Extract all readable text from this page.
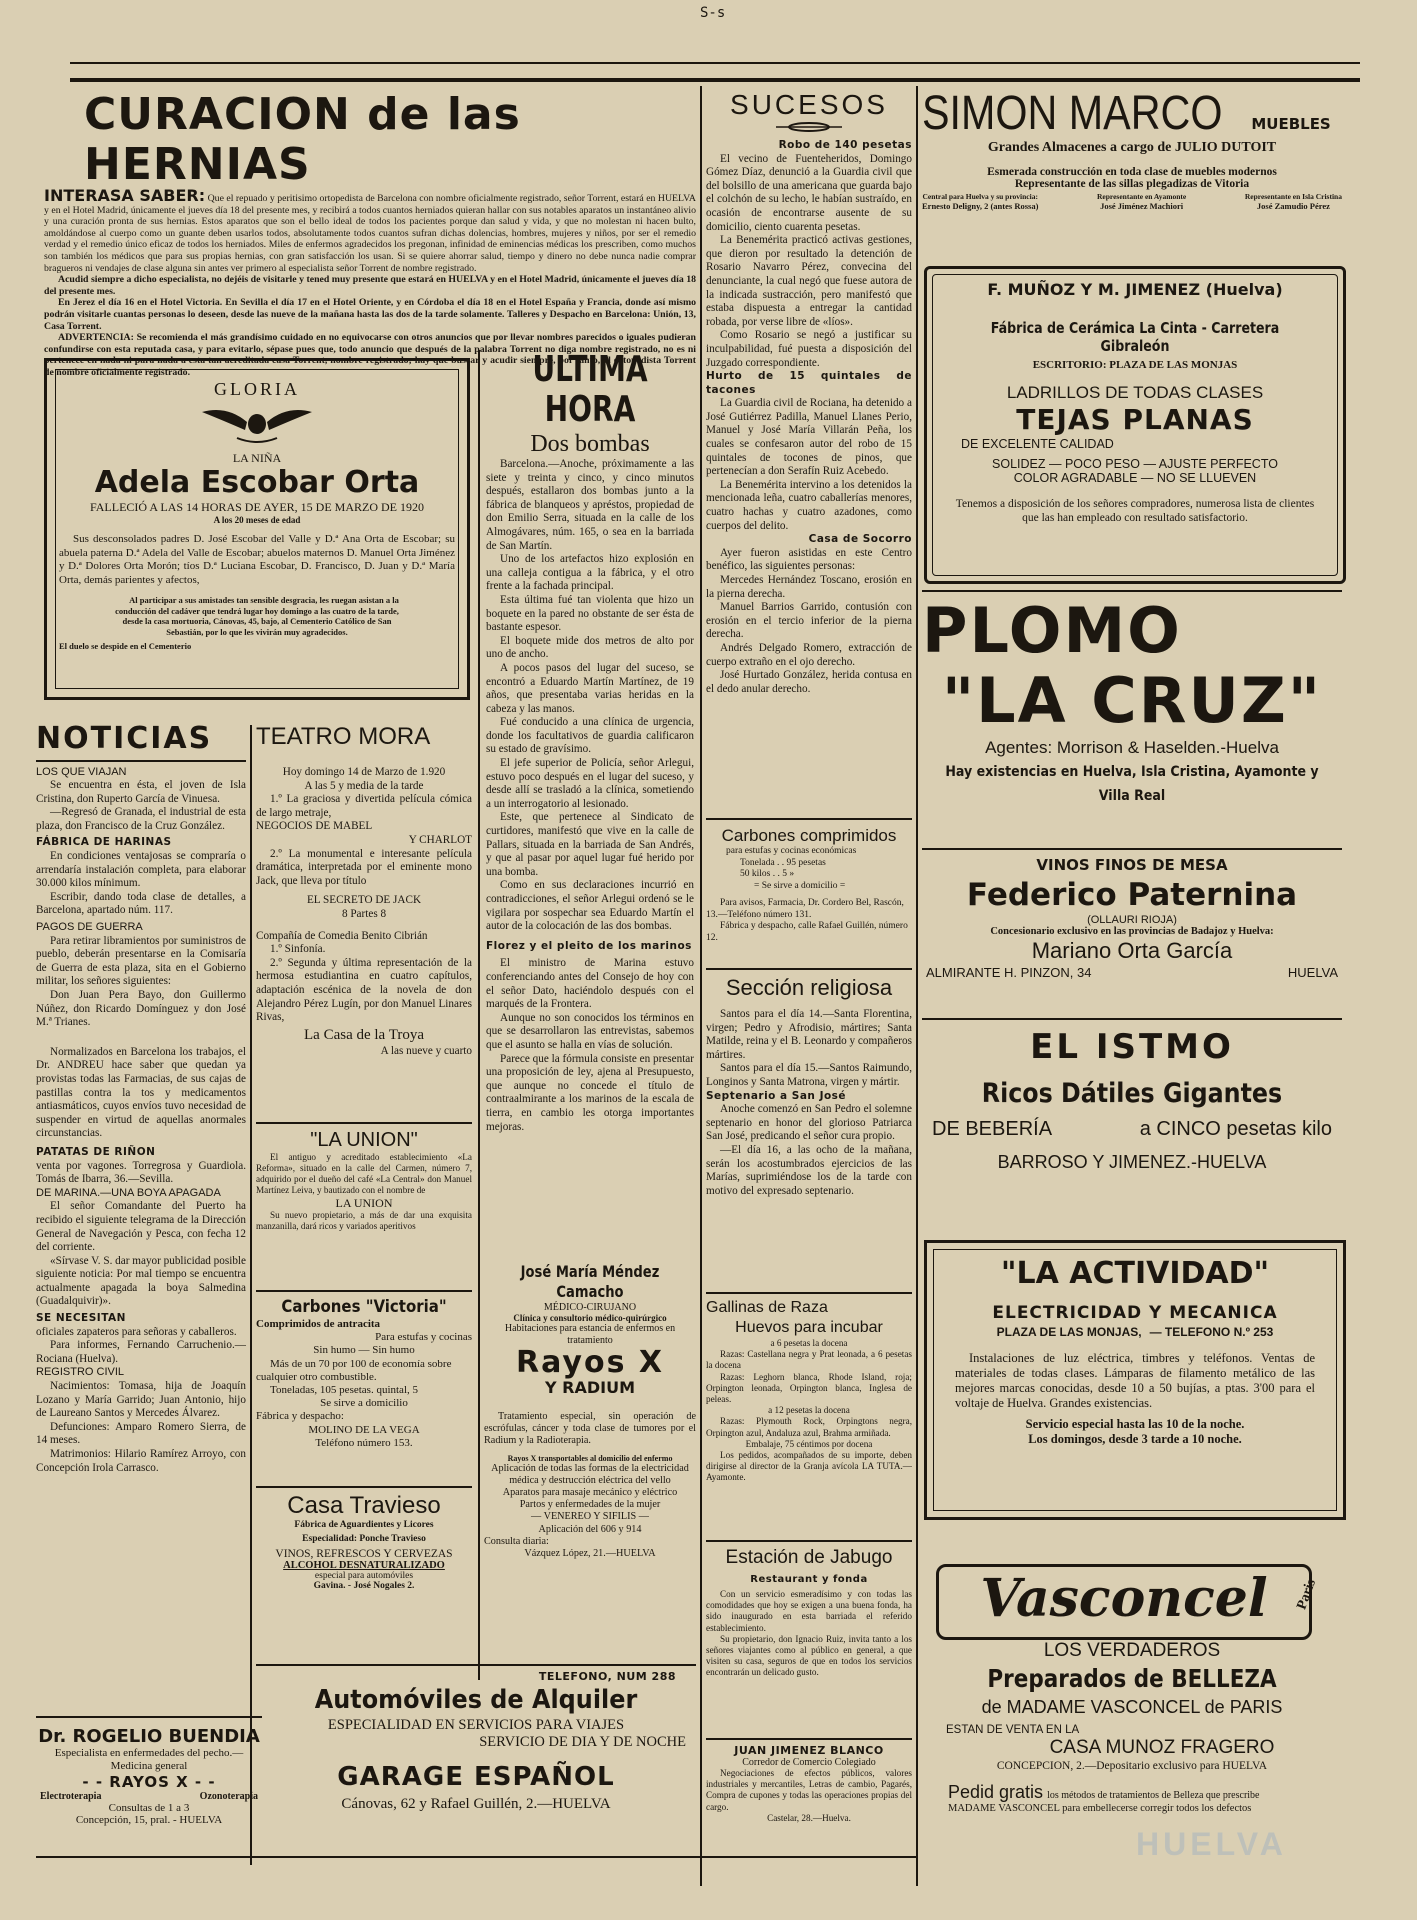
Ѕ-ѕ
CURACION de las HERNIAS

INTERASA SABER: Que el repuado y peritisimo ortopedista de Barcelona con nombre oficialmente registrado, señor Torrent, estará en HUELVA y en el Hotel Madrid, únicamente el jueves día 18 del presente mes, y recibirá a todos cuantos herniados quieran hallar con sus notables aparatos un instantáneo alivio y una curación pronta de sus hernias. Estos aparatos que son el bello ideal de todos los pacientes porque dan salud y vida, y que no molestan ni hacen bulto, amoldándose al cuerpo como un guante deben usarlos todos, absolutamente todos cuantos sufran dichas dolencias, hombres, mujeres y niños, por ser el remedio verdad y el remedio único eficaz de todos los herniados. Miles de enfermos agradecidos los pregonan, infinidad de eminencias médicas los prescriben, como muchos son también los médicos que para sus propias hernias, con gran satisfacción los usan. Si se quiere ahorrar salud, tiempo y dinero no debe nunca nadie comprar bragueros ni vendajes de clase alguna sin antes ver primero al especialista señor Torrent de nombre registrado.

Acudid siempre a dicho especialista, no dejéis de visitarle y tened muy presente que estará en HUELVA y en el Hotel Madrid, únicamente el jueves día 18 del presente mes.

En Jerez el día 16 en el Hotel Victoria. En Sevilla el día 17 en el Hotel Oriente, y en Córdoba el día 18 en el Hotel España y Francia, donde así mismo podrán visitarle cuantas personas lo deseen, desde las nueve de la mañana hasta las dos de la tarde solamente. Talleres y Despacho en Barcelona: Unión, 13, Casa Torrent.

ADVERTENCIA: Se recomienda el más grandísimo cuidado en no equivocarse con otros anuncios que por llevar nombres parecidos o iguales pudieran confundirse con esta reputada casa, y para evitarlo, sépase pues que, todo anuncio que después de la palabra Torrent no diga nombre registrado, no es ni pertenece en nada ni para nada a esta tan acreditada casa Torrent, nombre registrado; hay que buscar y acudir siempre, por tanto, al ortopedista Torrent de nombre oficialmente registrado.

GLORIA
LA NIÑA
Adela Escobar Orta
FALLECIÓ A LAS 14 HORAS DE AYER, 15 DE MARZO DE 1920
A los 20 meses de edad

Sus desconsolados padres D. José Escobar del Valle y D.ª Ana Orta de Escobar; su abuela paterna D.ª Adela del Valle de Escobar; abuelos maternos D. Manuel Orta Jiménez y D.ª Dolores Orta Morón; tíos D.ª Luciana Escobar, D. Francisco, D. Juan y D.ª María Orta, demás parientes y afectos,

Al participar a sus amistades tan sensible desgracia, les ruegan asistan a la conducción del cadáver que tendrá lugar hoy domingo a las cuatro de la tarde, desde la casa mortuoria, Cánovas, 45, bajo, al Cementerio Católico de San Sebastián, por lo que les vivirán muy agradecidos.

El duelo se despide en el Cementerio

ULTIMA HORA
Dos bombas

Barcelona.—Anoche, próximamente a las siete y treinta y cinco, y cinco minutos después, estallaron dos bombas junto a la fábrica de blanqueos y apréstos, propiedad de don Emilio Serra, situada en la calle de los Almogávares, núm. 165, o sea en la barriada de San Martín.

Uno de los artefactos hizo explosión en una calleja contigua a la fábrica, y el otro frente a la fachada principal.

Esta última fué tan violenta que hizo un boquete en la pared no obstante de ser ésta de bastante espesor.

El boquete mide dos metros de alto por uno de ancho.

A pocos pasos del lugar del suceso, se encontró a Eduardo Martín Martínez, de 19 años, que presentaba varias heridas en la cabeza y las manos.

Fué conducido a una clínica de urgencia, donde los facultativos de guardia calificaron su estado de gravísimo.

El jefe superior de Policía, señor Arlegui, estuvo poco después en el lugar del suceso, y desde allí se trasladó a la clínica, sometiendo a un interrogatorio al lesionado.

Este, que pertenece al Sindicato de curtidores, manifestó que vive en la calle de Pallars, situada en la barriada de San Andrés, y que al pasar por aquel lugar fué herido por una bomba.

Como en sus declaraciones incurrió en contradicciones, el señor Arlegui ordenó se le vigilara por sospechar sea Eduardo Martín el autor de la colocación de las dos bombas.

Florez y el pleito de los marinos

El ministro de Marina estuvo conferenciando antes del Consejo de hoy con el señor Dato, haciéndolo después con el marqués de la Frontera.

Aunque no son conocidos los términos en que se desarrollaron las entrevistas, sabemos que el asunto se halla en vías de solución.

Parece que la fórmula consiste en presentar una proposición de ley, ajena al Presupuesto, que aunque no concede el título de contraalmirante a los marinos de la escala de tierra, en cambio les otorga importantes mejoras.

SUCESOS

Robo de 140 pesetas

El vecino de Fuenteheridos, Domingo Gómez Díaz, denunció a la Guardia civil que del bolsillo de una americana que guarda bajo el colchón de su lecho, le habían sustraído, en ocasión de encontrarse ausente de su domicilio, ciento cuarenta pesetas.

La Benemérita practicó activas gestiones, que dieron por resultado la detención de Rosario Navarro Pérez, convecina del denunciante, la cual negó que fuese autora de la indicada sustracción, pero manifestó que estaba dispuesta a entregar la cantidad robada, por verse libre de «líos».

Como Rosario se negó a justificar su inculpabilidad, fué puesta a disposición del Juzgado correspondiente.

Hurto de 15 quintales de tacones

La Guardia civil de Rociana, ha detenido a José Gutiérrez Padilla, Manuel Llanes Perio, Manuel y José María Villarán Peña, los cuales se confesaron autor del robo de 15 quintales de tocones de pinos, que pertenecían a don Serafín Ruiz Acebedo.

La Benemérita intervino a los detenidos la mencionada leña, cuatro caballerías menores, cuatro hachas y cuatro azadones, como cuerpos del delito.

Casa de Socorro

Ayer fueron asistidas en este Centro benéfico, las siguientes personas:

Mercedes Hernández Toscano, erosión en la pierna derecha.

Manuel Barrios Garrido, contusión con erosión en el tercio inferior de la pierna derecha.

Andrés Delgado Romero, extracción de cuerpo extraño en el ojo derecho.

José Hurtado González, herida contusa en el dedo anular derecho.

Carbones comprimidos

para estufas y cocinas económicas

Tonelada . . 95 pesetas

50 kilos . . 5 »

= Se sirve a domicilio =

Para avisos, Farmacia, Dr. Cordero Bel, Rascón, 13.—Teléfono número 131.

Fábrica y despacho, calle Rafael Guillén, número 12.

Sección religiosa

Santos para el día 14.—Santa Florentina, virgen; Pedro y Afrodisio, mártires; Santa Matilde, reina y el B. Leonardo y compañeros mártires.

Santos para el día 15.—Santos Raimundo, Longinos y Santa Matrona, virgen y mártir.

Septenario a San José

Anoche comenzó en San Pedro el solemne septenario en honor del glorioso Patriarca San José, predicando el señor cura propio.

—El día 16, a las ocho de la mañana, serán los acostumbrados ejercicios de las Marías, suprimiéndose los de la tarde con motivo del expresado septenario.

Gallinas de Raza
Huevos para incubar

a 6 pesetas la docena

Razas: Castellana negra y Prat leonada, a 6 pesetas la docena

Razas: Leghorn blanca, Rhode Island, roja; Orpington leonada, Orpington blanca, Inglesa de peleas.

a 12 pesetas la docena

Razas: Plymouth Rock, Orpingtons negra, Orpington azul, Andaluza azul, Brahma armiñada.

Embalaje, 75 céntimos por docena

Los pedidos, acompañados de su importe, deben dirigirse al director de la Granja avícola LA TUTA.—Ayamonte.

Estación de Jabugo
Restaurant y fonda

Con un servicio esmeradísimo y con todas las comodidades que hoy se exigen a una buena fonda, ha sido inaugurado en esta barriada el referido establecimiento.

Su propietario, don Ignacio Ruiz, invita tanto a los señores viajantes como al público en general, a que visiten su casa, seguros de que en todos los servicios encontrarán un delicado gusto.

JUAN JIMENEZ BLANCO
Corredor de Comercio Colegiado

Negociaciones de efectos públicos, valores industriales y mercantiles, Letras de cambio, Pagarés, Compra de cupones y todas las operaciones propias del cargo.

Castelar, 28.—Huelva.

NOTICIAS

LOS QUE VIAJAN

Se encuentra en ésta, el joven de Isla Cristina, don Ruperto García de Vinuesa.

—Regresó de Granada, el industrial de esta plaza, don Francisco de la Cruz González.

FÁBRICA DE HARINAS

En condiciones ventajosas se compraría o arrendaría instalación completa, para elaborar 30.000 kilos mínimum.

Escribir, dando toda clase de detalles, a Barcelona, apartado núm. 117.

PAGOS DE GUERRA

Para retirar libramientos por suministros de pueblo, deberán presentarse en la Comisaría de Guerra de esta plaza, sita en el Gobierno militar, los señores siguientes:

Don Juan Pera Bayo, don Guillermo Núñez, don Ricardo Domínguez y don José M.ª Trianes.

Normalizados en Barcelona los trabajos, el Dr. ANDREU hace saber que quedan ya provistas todas las Farmacias, de sus cajas de pastillas contra la tos y medicamentos antiasmáticos, cuyos envíos tuvo necesidad de suspender en virtud de aquellas anormales circunstancias.

PATATAS DE RIÑON

venta por vagones. Torregrosa y Guardiola. Tomás de Ibarra, 36.—Sevilla.

DE MARINA.—UNA BOYA APAGADA

El señor Comandante del Puerto ha recibido el siguiente telegrama de la Dirección General de Navegación y Pesca, con fecha 12 del corriente.

«Sírvase V. S. dar mayor publicidad posible siguiente noticia: Por mal tiempo se encuentra actualmente apagada la boya Salmedina (Guadalquivir)».

SE NECESITAN

oficiales zapateros para señoras y caballeros.

Para informes, Fernando Carruchenio.—Rociana (Huelva).

REGISTRO CIVIL

Nacimientos: Tomasa, hija de Joaquín Lozano y María Garrido; Juan Antonio, hijo de Laureano Santos y Mercedes Álvarez.

Defunciones: Amparo Romero Sierra, de 14 meses.

Matrimonios: Hilario Ramírez Arroyo, con Concepción Irola Carrasco.

Dr. ROGELIO BUENDIA
Especialista en enfermedades del pecho.—Medicina general
- - RAYOS X - -
Electroterapia	Ozonoterapia
Consultas de 1 a 3
Concepción, 15, pral. - HUELVA
TEATRO MORA

Hoy domingo 14 de Marzo de 1.920

A las 5 y media de la tarde

1.º La graciosa y divertida película cómica de largo metraje,

NEGOCIOS DE MABEL

Y CHARLOT

2.º La monumental e interesante película dramática, interpretada por el eminente mono Jack, que lleva por título

EL SECRETO DE JACK

8 Partes 8

Compañía de Comedia Benito Cibrián

1.º Sinfonía.

2.º Segunda y última representación de la hermosa estudiantina en cuatro capítulos, adaptación escénica de la novela de don Alejandro Pérez Lugín, por don Manuel Linares Rivas,

La Casa de la Troya

A las nueve y cuarto

"LA UNION"

El antiguo y acreditado establecimiento «La Reforma», situado en la calle del Carmen, número 7, adquirido por el dueño del café «La Central» don Manuel Martínez Leiva, y bautizado con el nombre de

LA UNION

Su nuevo propietario, a más de dar una exquisita manzanilla, dará ricos y variados aperitivos

Carbones "Victoria"

Comprimidos de antracita

Para estufas y cocinas

Sin humo — Sin humo

Más de un 70 por 100 de economía sobre cualquier otro combustible.

Toneladas, 105 pesetas. quintal, 5

Se sirve a domicilio

Fábrica y despacho:

MOLINO DE LA VEGA

Teléfono número 153.

Casa Travieso
Fábrica de Aguardientes y Licores
Especialidad: Ponche Travieso
VINOS, REFRESCOS Y CERVEZAS
ALCOHOL DESNATURALIZADO
especial para automóviles
Gavina. - José Nogales 2.
José María Méndez Camacho
MÉDICO-CIRUJANO
Clínica y consultorio médico-quirúrgico
Habitaciones para estancia de enfermos en tratamiento
Rayos X
Y RADIUM

Tratamiento especial, sin operación de escrófulas, cáncer y toda clase de tumores por el Radium y la Radioterapia.

Rayos X transportables al domicilio del enfermo

Aplicación de todas las formas de la electricidad médica y destrucción eléctrica del vello

Aparatos para masaje mecánico y eléctrico

Partos y enfermedades de la mujer

— VENEREO Y SIFILIS —

Aplicación del 606 y 914

Consulta diaria:

Vázquez López, 21.—HUELVA

TELEFONO, NUM 288
Automóviles de Alquiler
ESPECIALIDAD EN SERVICIOS PARA VIAJES
SERVICIO DE DIA Y DE NOCHE
GARAGE ESPAÑOL
Cánovas, 62 y Rafael Guillén, 2.—HUELVA
SIMON MARCO MUEBLES
Grandes Almacenes a cargo de JULIO DUTOIT
Esmerada construcción en toda clase de muebles modernos
Representante de las sillas plegadizas de Vitoria
Central para Huelva y su provincia:
Ernesto Deligny, 2 (antes Rossa)
Representante en Ayamonte
José Jiménez Machiori
Representante en Isla Cristina
José Zamudio Pérez
F. MUÑOZ Y M. JIMENEZ (Huelva)
Fábrica de Cerámica La Cinta - Carretera Gibraleón
ESCRITORIO: PLAZA DE LAS MONJAS
LADRILLOS DE TODAS CLASES
TEJAS PLANAS
DE EXCELENTE CALIDAD
SOLIDEZ — POCO PESO — AJUSTE PERFECTO
COLOR AGRADABLE — NO SE LLUEVEN
Tenemos a disposición de los señores compradores, numerosa lista de clientes que las han empleado con resultado satisfactorio.
PLOMO
"LA CRUZ"
Agentes: Morrison & Haselden.-Huelva
Hay existencias en Huelva, Isla Cristina, Ayamonte y Villa Real
VINOS FINOS DE MESA
Federico Paternina
(OLLAURI RIOJA)
Concesionario exclusivo en las provincias de Badajoz y Huelva:
Mariano Orta García
ALMIRANTE H. PINZON, 34	HUELVA
EL ISTMO
Ricos Dátiles Gigantes
DE BEBERÍA	a CINCO pesetas kilo
BARROSO Y JIMENEZ.-HUELVA
"LA ACTIVIDAD"
ELECTRICIDAD Y MECANICA
PLAZA DE LAS MONJAS, — TELEFONO N.º 253

Instalaciones de luz eléctrica, timbres y teléfonos. Ventas de materiales de todas clases. Lámparas de filamento metálico de las mejores marcas conocidas, desde 10 a 50 bujías, a ptas. 3'00 para el voltaje de Huelva. Grandes existencias.

Servicio especial hasta las 10 de la noche.

Los domingos, desde 3 tarde a 10 noche.

Vasconcel	Paris
LOS VERDADEROS
Preparados de BELLEZA
de MADAME VASCONCEL de PARIS
ESTAN DE VENTA EN LA
CASA MUNOZ FRAGERO
CONCEPCION, 2.—Depositario exclusivo para HUELVA
Pedid gratis los métodos de tratamientos de Belleza que prescribe
MADAME VASCONCEL para embellecerse corregir todos los defectos
HUELVA
